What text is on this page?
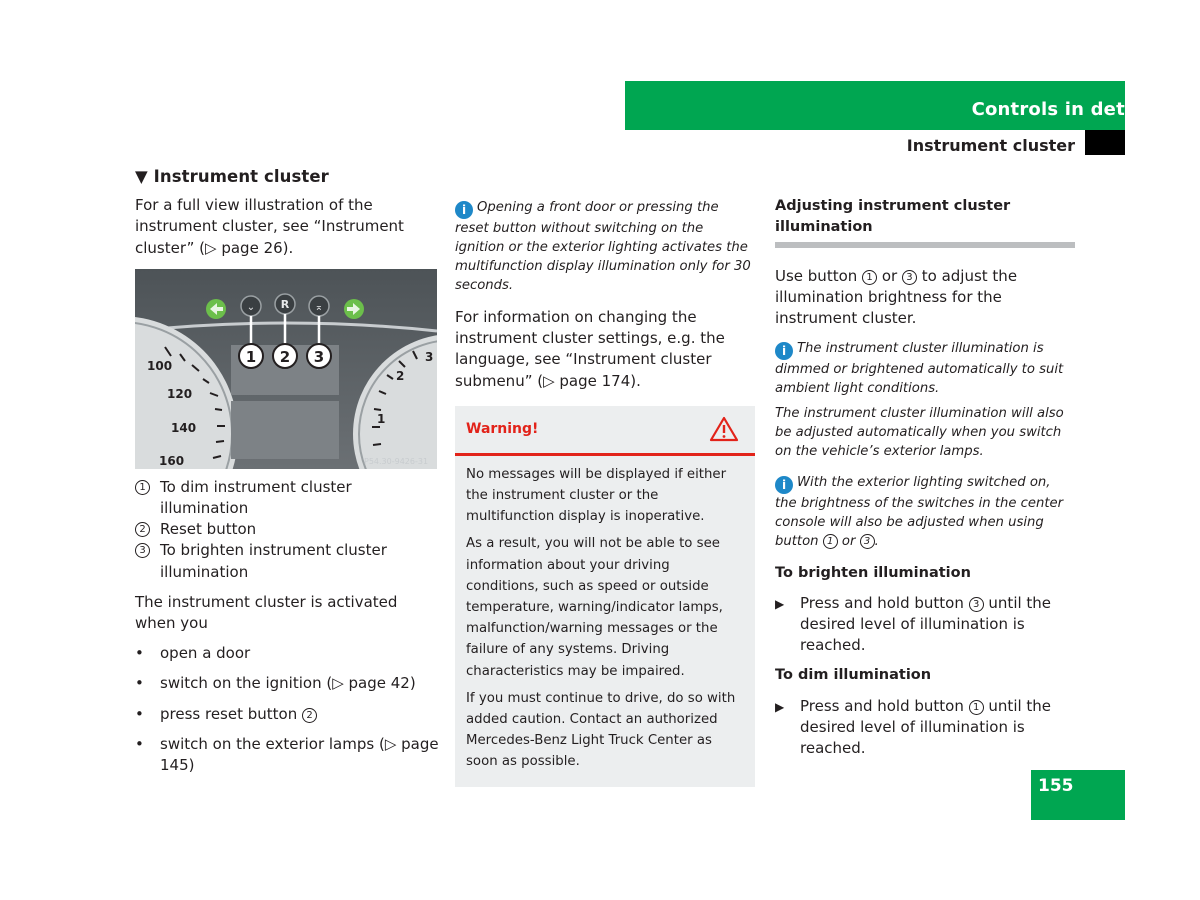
Controls in detail
Instrument cluster
▼ Instrument cluster
For a full view illustration of the instrument cluster, see “Instrument cluster” (▷ page 26).
100
120
140
160
3
2
1
⌄ R	⌅
1 2 3
P54.30-9426-31
1 To dim instrument cluster illumination
2 Reset button
3 To brighten instrument cluster illumination
The instrument cluster is activated when you
•	open a door
•	switch on the ignition (▷ page 42)
•	press reset button 2
•	switch on the exterior lamps (▷ page 145)
i Opening a front door or pressing the reset button without switching on the ignition or the exterior lighting activates the multifunction display illumination only for 30 seconds.
For information on changing the instrument cluster settings, e.g. the language, see “Instrument cluster submenu” (▷ page 174).
Warning!
No messages will be displayed if either the instrument cluster or the multifunction display is inoperative.
As a result, you will not be able to see information about your driving conditions, such as speed or outside temperature, warning/indicator lamps, malfunction/warning messages or the failure of any systems. Driving characteristics may be impaired.
If you must continue to drive, do so with added caution. Contact an authorized Mercedes-Benz Light Truck Center as soon as possible.
Adjusting instrument cluster illumination
Use button 1 or 3 to adjust the illumination brightness for the instrument cluster.
i The instrument cluster illumination is dimmed or brightened automatically to suit ambient light conditions.
The instrument cluster illumination will also be adjusted automatically when you switch on the vehicle’s exterior lamps.
i With the exterior lighting switched on, the brightness of the switches in the center console will also be adjusted when using button 1 or 3 .
To brighten illumination
▶	Press and hold button 3 until the desired level of illumination is reached.
To dim illumination
▶	Press and hold button 1 until the desired level of illumination is reached.
155
